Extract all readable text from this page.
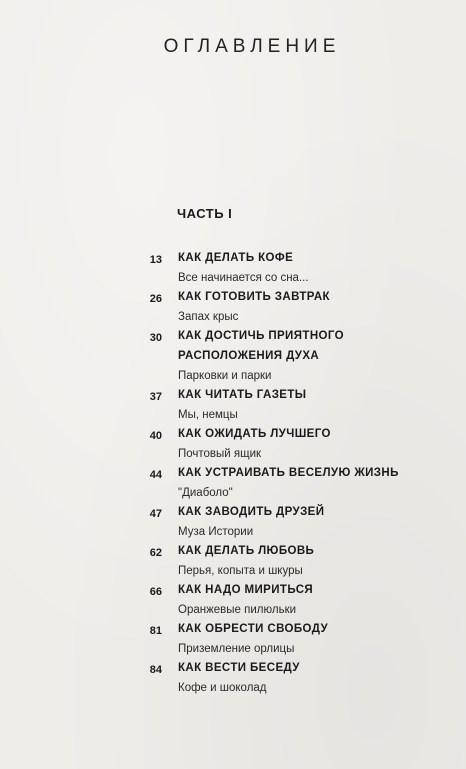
ОГЛАВЛЕНИЕ
ЧАСТЬ I
13 КАК ДЕЛАТЬ КОФЕ
Все начинается со сна...
26 КАК ГОТОВИТЬ ЗАВТРАК
Запах крыс
30 КАК ДОСТИЧЬ ПРИЯТНОГО
РАСПОЛОЖЕНИЯ ДУХА
Парковки и парки
37 КАК ЧИТАТЬ ГАЗЕТЫ
Мы, немцы
40 КАК ОЖИДАТЬ ЛУЧШЕГО
Почтовый ящик
44 КАК УСТРАИВАТЬ ВЕСЕЛУЮ ЖИЗНЬ
"Диаболо"
47 КАК ЗАВОДИТЬ ДРУЗЕЙ
Муза Истории
62 КАК ДЕЛАТЬ ЛЮБОВЬ
Перья, копыта и шкуры
66 КАК НАДО МИРИТЬСЯ
Оранжевые пилюльки
81 КАК ОБРЕСТИ СВОБОДУ
Приземление орлицы
84 КАК ВЕСТИ БЕСЕДУ
Кофе и шоколад
